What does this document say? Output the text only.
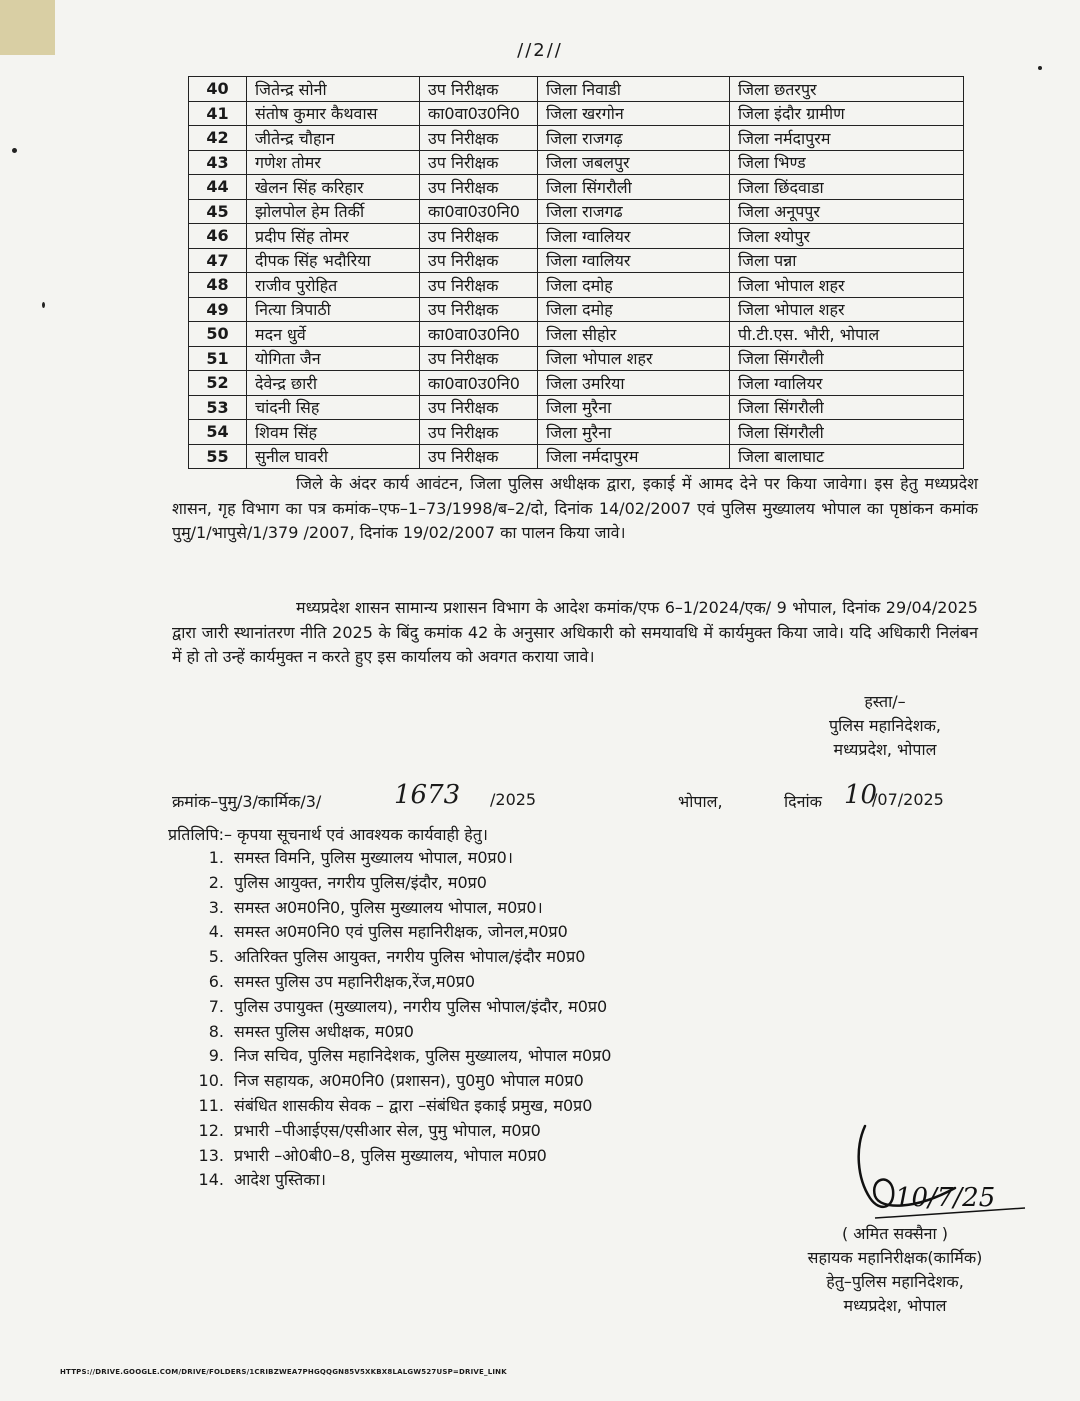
//2//
40	जितेन्द्र सोनी	उप निरीक्षक	जिला निवाडी	जिला छतरपुर
41	संतोष कुमार कैथवास	का0वा0उ0नि0	जिला खरगोन	जिला इंदौर ग्रामीण
42	जीतेन्द्र चौहान	उप निरीक्षक	जिला राजगढ़	जिला नर्मदापुरम
43	गणेश तोमर	उप निरीक्षक	जिला जबलपुर	जिला भिण्ड
44	खेलन सिंह करिहार	उप निरीक्षक	जिला सिंगरौली	जिला छिंदवाडा
45	झोलपोल हेम तिर्की	का0वा0उ0नि0	जिला राजगढ	जिला अनूपपुर
46	प्रदीप सिंह तोमर	उप निरीक्षक	जिला ग्वालियर	जिला श्योपुर
47	दीपक सिंह भदौरिया	उप निरीक्षक	जिला ग्वालियर	जिला पन्ना
48	राजीव पुरोहित	उप निरीक्षक	जिला दमोह	जिला भोपाल शहर
49	नित्या त्रिपाठी	उप निरीक्षक	जिला दमोह	जिला भोपाल शहर
50	मदन धुर्वे	का0वा0उ0नि0	जिला सीहोर	पी.टी.एस. भौरी, भोपाल
51	योगिता जैन	उप निरीक्षक	जिला भोपाल शहर	जिला सिंगरौली
52	देवेन्द्र छारी	का0वा0उ0नि0	जिला उमरिया	जिला ग्वालियर
53	चांदनी सिह	उप निरीक्षक	जिला मुरैना	जिला सिंगरौली
54	शिवम सिंह	उप निरीक्षक	जिला मुरैना	जिला सिंगरौली
55	सुनील घावरी	उप निरीक्षक	जिला नर्मदापुरम	जिला बालाघाट
जिले के अंदर कार्य आवंटन, जिला पुलिस अधीक्षक द्वारा, इकाई में आमद देने पर किया जावेगा। इस हेतु मध्यप्रदेश शासन, गृह विभाग का पत्र कमांक–एफ–1–73/1998/ब–2/दो, दिनांक 14/02/2007 एवं पुलिस मुख्यालय भोपाल का पृष्ठांकन कमांक पुमु/1/भापुसे/1/379 /2007, दिनांक 19/02/2007 का पालन किया जावे।
मध्यप्रदेश शासन सामान्य प्रशासन विभाग के आदेश कमांक/एफ 6–1/2024/एक/ 9 भोपाल, दिनांक 29/04/2025 द्वारा जारी स्थानांतरण नीति 2025 के बिंदु कमांक 42 के अनुसार अधिकारी को समयावधि में कार्यमुक्त किया जावे। यदि अधिकारी निलंबन में हो तो उन्हें कार्यमुक्त न करते हुए इस कार्यालय को अवगत कराया जावे।
हस्ता/–
पुलिस महानिदेशक,
मध्यप्रदेश, भोपाल
क्रमांक–पुमु/3/कार्मिक/3/	1673 /2025	भोपाल,	दिनांक 10
/07/2025
प्रतिलिपि:– कृपया सूचनार्थ एवं आवश्यक कार्यवाही हेतु।
1. समस्त विमनि, पुलिस मुख्यालय भोपाल, म0प्र0।
2. पुलिस आयुक्त, नगरीय पुलिस/इंदौर, म0प्र0
3. समस्त अ0म0नि0, पुलिस मुख्यालय भोपाल, म0प्र0।
4. समस्त अ0म0नि0 एवं पुलिस महानिरीक्षक, जोनल,म0प्र0
5. अतिरिक्त पुलिस आयुक्त, नगरीय पुलिस भोपाल/इंदौर म0प्र0
6. समस्त पुलिस उप महानिरीक्षक,रेंज,म0प्र0
7. पुलिस उपायुक्त (मुख्यालय), नगरीय पुलिस भोपाल/इंदौर, म0प्र0
8. समस्त पुलिस अधीक्षक, म0प्र0
9. निज सचिव, पुलिस महानिदेशक, पुलिस मुख्यालय, भोपाल म0प्र0
10. निज सहायक, अ0म0नि0 (प्रशासन), पु0मु0 भोपाल म0प्र0
11. संबंधित शासकीय सेवक – द्वारा –संबंधित इकाई प्रमुख, म0प्र0
12. प्रभारी –पीआईएस/एसीआर सेल, पुमु भोपाल, म0प्र0
13. प्रभारी –ओ0बी0–8, पुलिस मुख्यालय, भोपाल म0प्र0
14. आदेश पुस्तिका।
10/7/25
( अमित सक्सैना )
सहायक महानिरीक्षक(कार्मिक)
हेतु–पुलिस महानिदेशक,
मध्यप्रदेश, भोपाल
HTTPS://DRIVE.GOOGLE.COM/DRIVE/FOLDERS/1CRIBZWEA7PHGQQGN85V5XKBX8LALGW527USP=DRIVE_LINK
